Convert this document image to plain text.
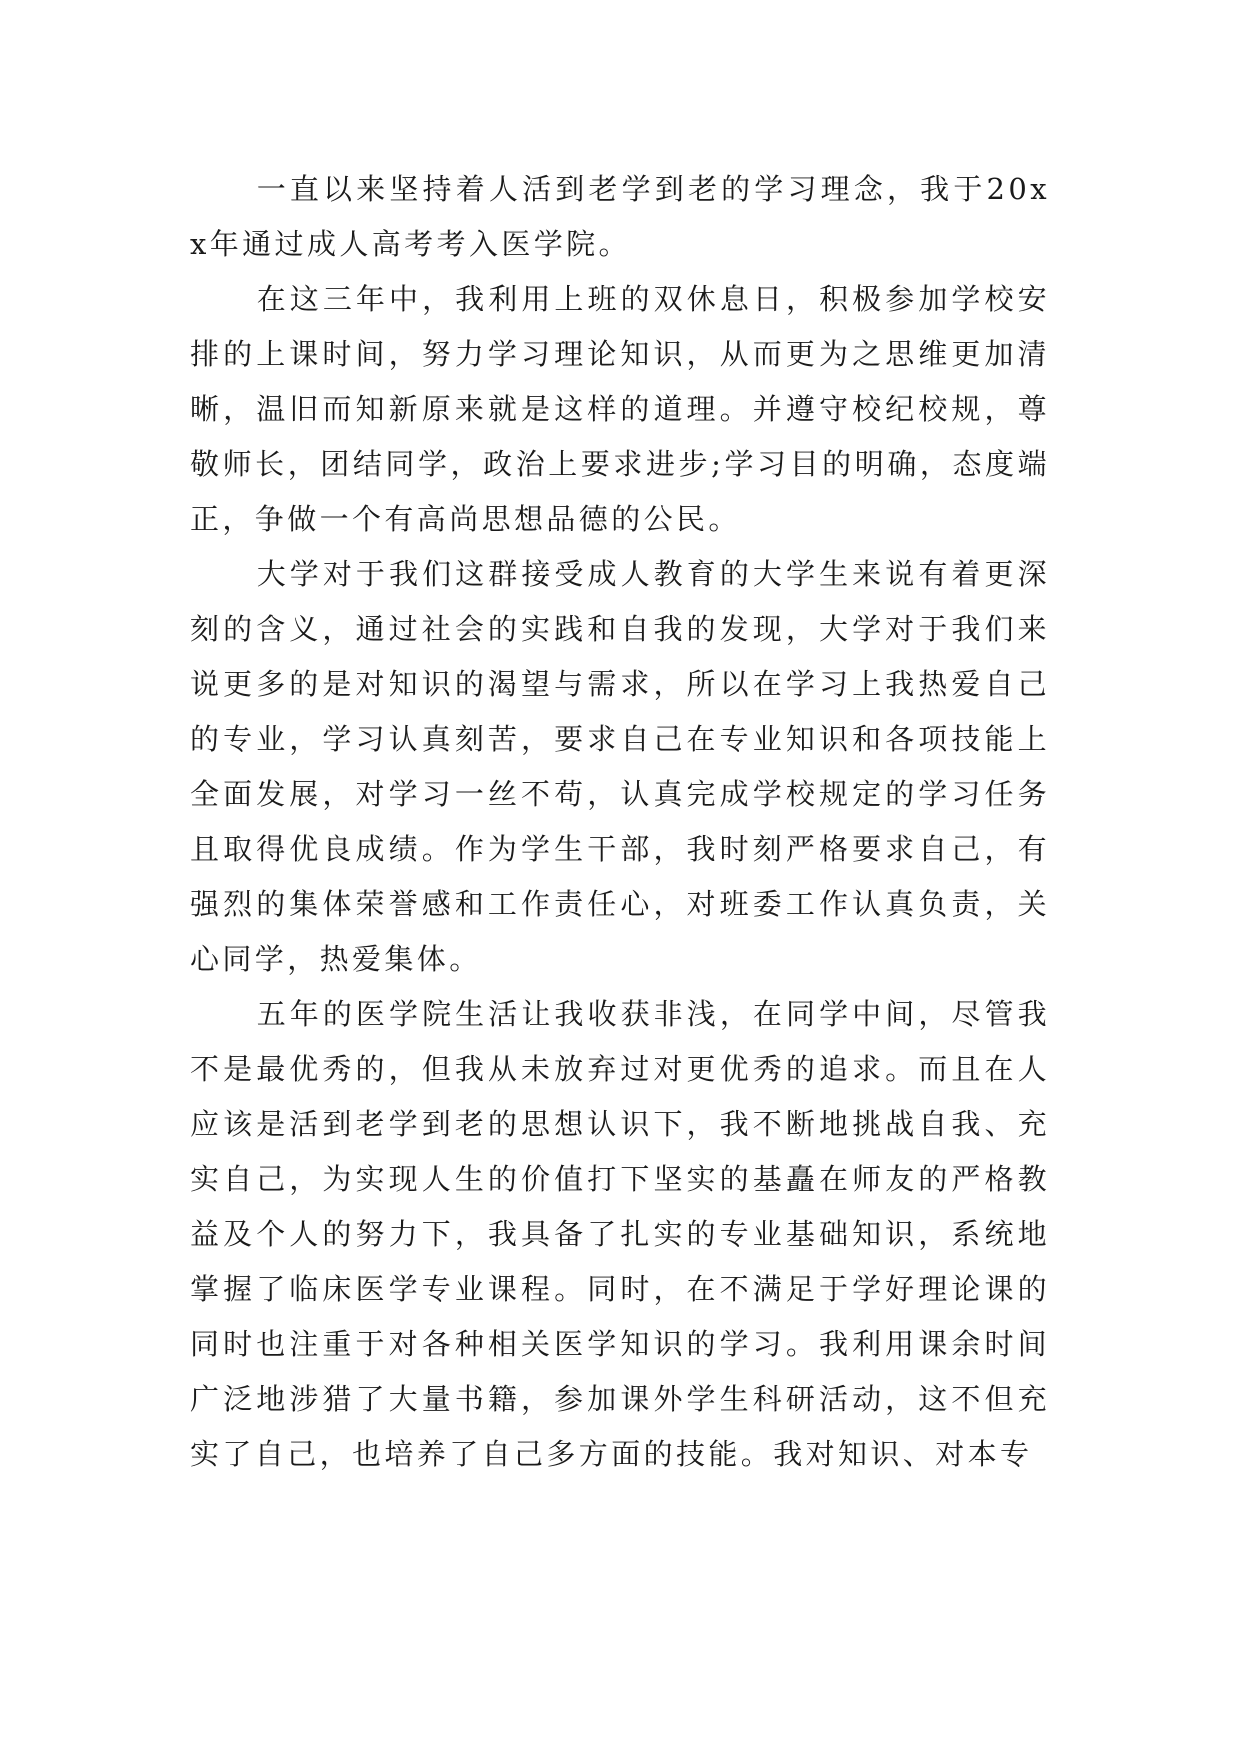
一直以来坚持着人活到老学到老的学习理念，我于20xx年通过成人高考考入医学院。

在这三年中，我利用上班的双休息日，积极参加学校安排的上课时间，努力学习理论知识，从而更为之思维更加清晰，温旧而知新原来就是这样的道理。并遵守校纪校规，尊敬师长，团结同学，政治上要求进步;学习目的明确，态度端正，争做一个有高尚思想品德的公民。

大学对于我们这群接受成人教育的大学生来说有着更深刻的含义，通过社会的实践和自我的发现，大学对于我们来说更多的是对知识的渴望与需求，所以在学习上我热爱自己的专业，学习认真刻苦，要求自己在专业知识和各项技能上全面发展，对学习一丝不苟，认真完成学校规定的学习任务且取得优良成绩。作为学生干部，我时刻严格要求自己，有强烈的集体荣誉感和工作责任心，对班委工作认真负责，关心同学，热爱集体。

五年的医学院生活让我收获非浅，在同学中间，尽管我不是最优秀的，但我从未放弃过对更优秀的追求。而且在人应该是活到老学到老的思想认识下，我不断地挑战自我、充实自己，为实现人生的价值打下坚实的基矗在师友的严格教益及个人的努力下，我具备了扎实的专业基础知识，系统地掌握了临床医学专业课程。同时，在不满足于学好理论课的同时也注重于对各种相关医学知识的学习。我利用课余时间广泛地涉猎了大量书籍，参加课外学生科研活动，这不但充实了自己，也培养了自己多方面的技能。我对知识、对本专
